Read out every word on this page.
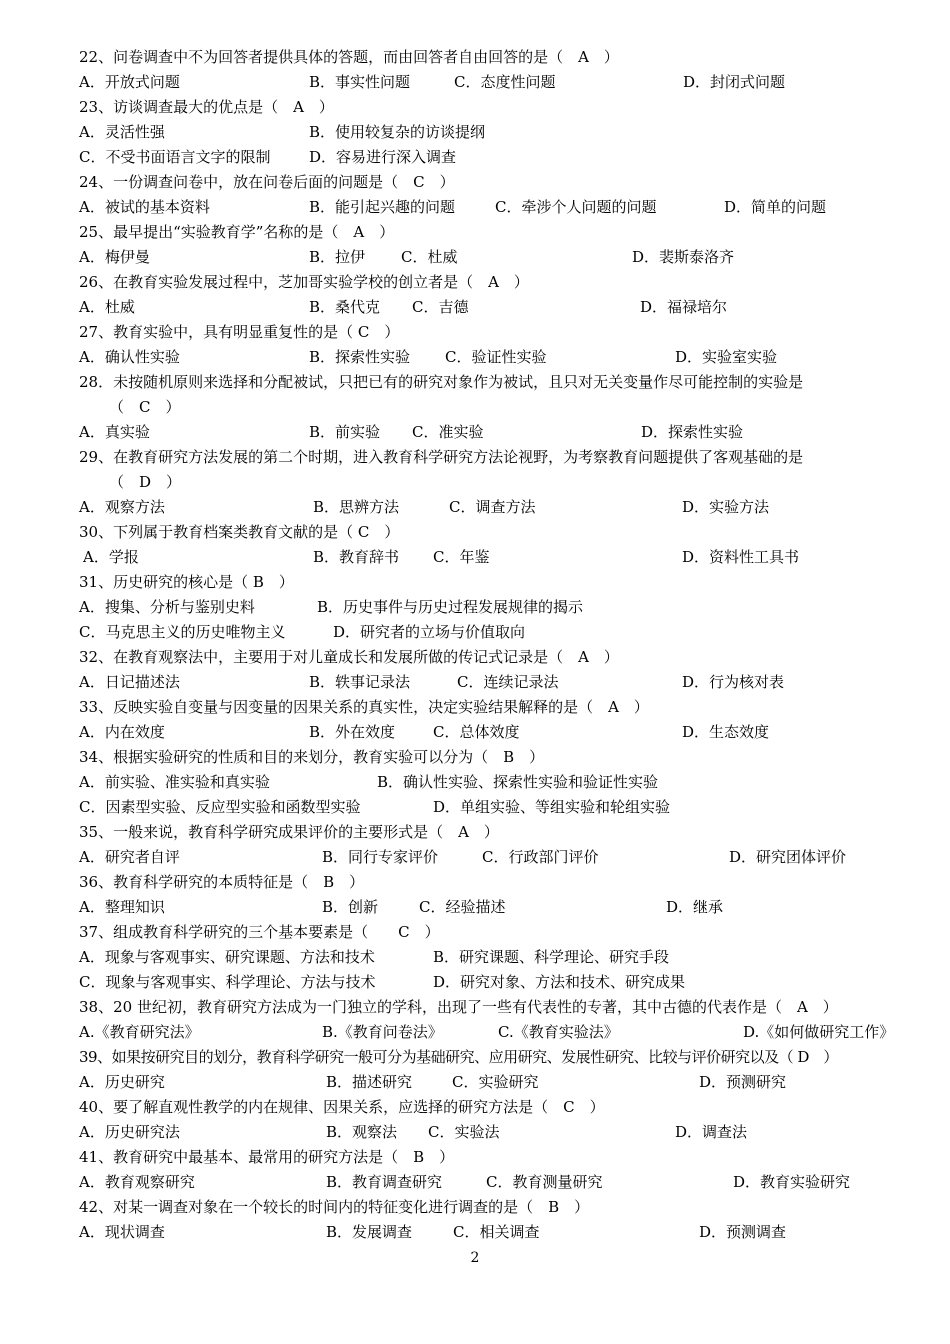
22、问卷调查中不为回答者提供具体的答题，而由回答者自由回答的是（　A　）
A．开放式问题	B．事实性问题	C．态度性问题	D．封闭式问题
23、访谈调查最大的优点是（　A　）
A．灵活性强	B．使用较复杂的访谈提纲
C．不受书面语言文字的限制	D．容易进行深入调查
24、一份调查问卷中，放在问卷后面的问题是（　C　）
A．被试的基本资料	B．能引起兴趣的问题	C．牵涉个人问题的问题	D．简单的问题
25、最早提出“实验教育学”名称的是（　A　）
A．梅伊曼	B．拉伊 C．杜威	D．裴斯泰洛齐
26、在教育实验发展过程中，芝加哥实验学校的创立者是（　A　）
A．杜威	B．桑代克 C．吉德	D．福禄培尔
27、教育实验中，具有明显重复性的是（ C　）
A．确认性实验	B．探索性实验 C．验证性实验	D．实验室实验
28．未按随机原则来选择和分配被试，只把已有的研究对象作为被试，且只对无关变量作尽可能控制的实验是
（　C　）
A．真实验	B．前实验 C．准实验	D．探索性实验
29、在教育研究方法发展的第二个时期，进入教育科学研究方法论视野，为考察教育问题提供了客观基础的是
（　D　）
A．观察方法	B．思辨方法	C．调查方法	D．实验方法
30、下列属于教育档案类教育文献的是（ C　）
A．学报	B．教育辞书 C．年鉴	D．资料性工具书
31、历史研究的核心是（ B　）
A．搜集、分析与鉴别史料	B．历史事件与历史过程发展规律的揭示
C．马克思主义的历史唯物主义	D．研究者的立场与价值取向
32、在教育观察法中，主要用于对儿童成长和发展所做的传记式记录是（　A　）
A．日记描述法	B．轶事记录法	C．连续记录法	D．行为核对表
33、反映实验自变量与因变量的因果关系的真实性，决定实验结果解释的是（　A　）
A．内在效度	B．外在效度	C．总体效度	D．生态效度
34、根据实验研究的性质和目的来划分，教育实验可以分为（　B　）
A．前实验、准实验和真实验	B．确认性实验、探索性实验和验证性实验
C．因素型实验、反应型实验和函数型实验	D．单组实验、等组实验和轮组实验
35、一般来说，教育科学研究成果评价的主要形式是（　A　）
A．研究者自评	B．同行专家评价	C．行政部门评价	D．研究团体评价
36、教育科学研究的本质特征是（　B　）
A．整理知识	B．创新	C．经验描述	D．继承
37、组成教育科学研究的三个基本要素是（　　C　）
A．现象与客观事实、研究课题、方法和技术	B．研究课题、科学理论、研究手段
C．现象与客观事实、科学理论、方法与技术	D．研究对象、方法和技术、研究成果
38、20 世纪初，教育研究方法成为一门独立的学科，出现了一些有代表性的专著，其中古德的代表作是（　A　）
A.《教育研究法》	B.《教育问卷法》	C.《教育实验法》	D.《如何做研究工作》
39、如果按研究目的划分，教育科学研究一般可分为基础研究、应用研究、发展性研究、比较与评价研究以及（ D　）
A．历史研究	B．描述研究	C．实验研究	D．预测研究
40、要了解直观性教学的内在规律、因果关系，应选择的研究方法是（　C　）
A．历史研究法	B．观察法 C．实验法	D．调查法
41、教育研究中最基本、最常用的研究方法是（　B　）
A．教育观察研究	B．教育调查研究	C．教育测量研究	D．教育实验研究
42、对某一调查对象在一个较长的时间内的特征变化进行调查的是（　B　）
A．现状调查	B．发展调查	C．相关调查	D．预测调查
2
